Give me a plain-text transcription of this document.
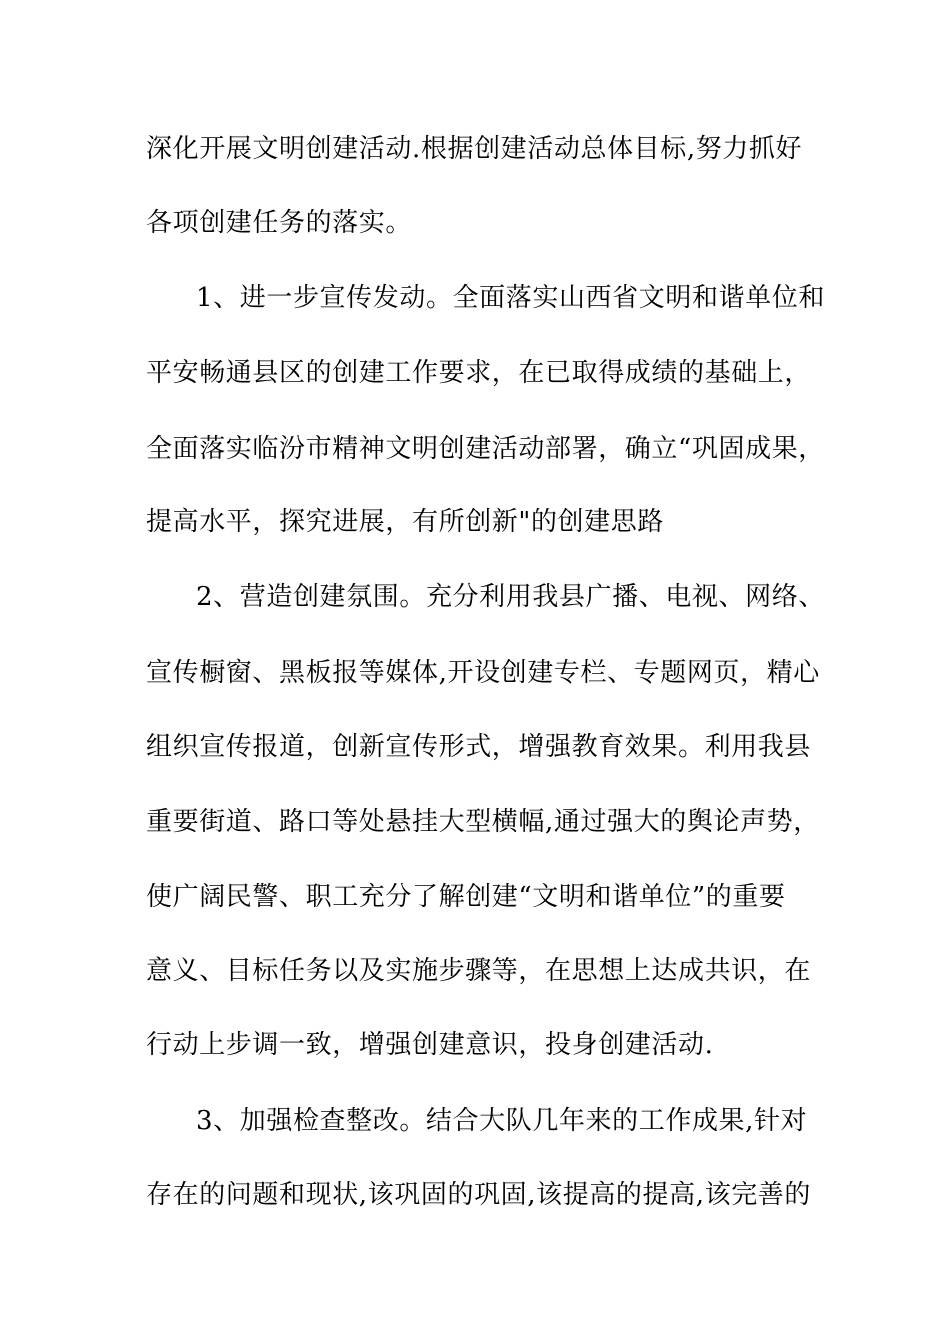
深化开展文明创建活动.根据创建活动总体目标,努力抓好
各项创建任务的落实。
1、进一步宣传发动。全面落实山西省文明和谐单位和
平安畅通县区的创建工作要求，在已取得成绩的基础上，
全面落实临汾市精神文明创建活动部署，确立“巩固成果，
提高水平，探究进展，有所创新"的创建思路
2、营造创建氛围。充分利用我县广播、电视、网络、
宣传橱窗、黑板报等媒体,开设创建专栏、专题网页，精心
组织宣传报道，创新宣传形式，增强教育效果。利用我县
重要街道、路口等处悬挂大型横幅,通过强大的舆论声势，
使广阔民警、职工充分了解创建“文明和谐单位”的重要
意义、目标任务以及实施步骤等，在思想上达成共识，在
行动上步调一致，增强创建意识，投身创建活动.
3、加强检查整改。结合大队几年来的工作成果,针对
存在的问题和现状,该巩固的巩固,该提高的提高,该完善的
